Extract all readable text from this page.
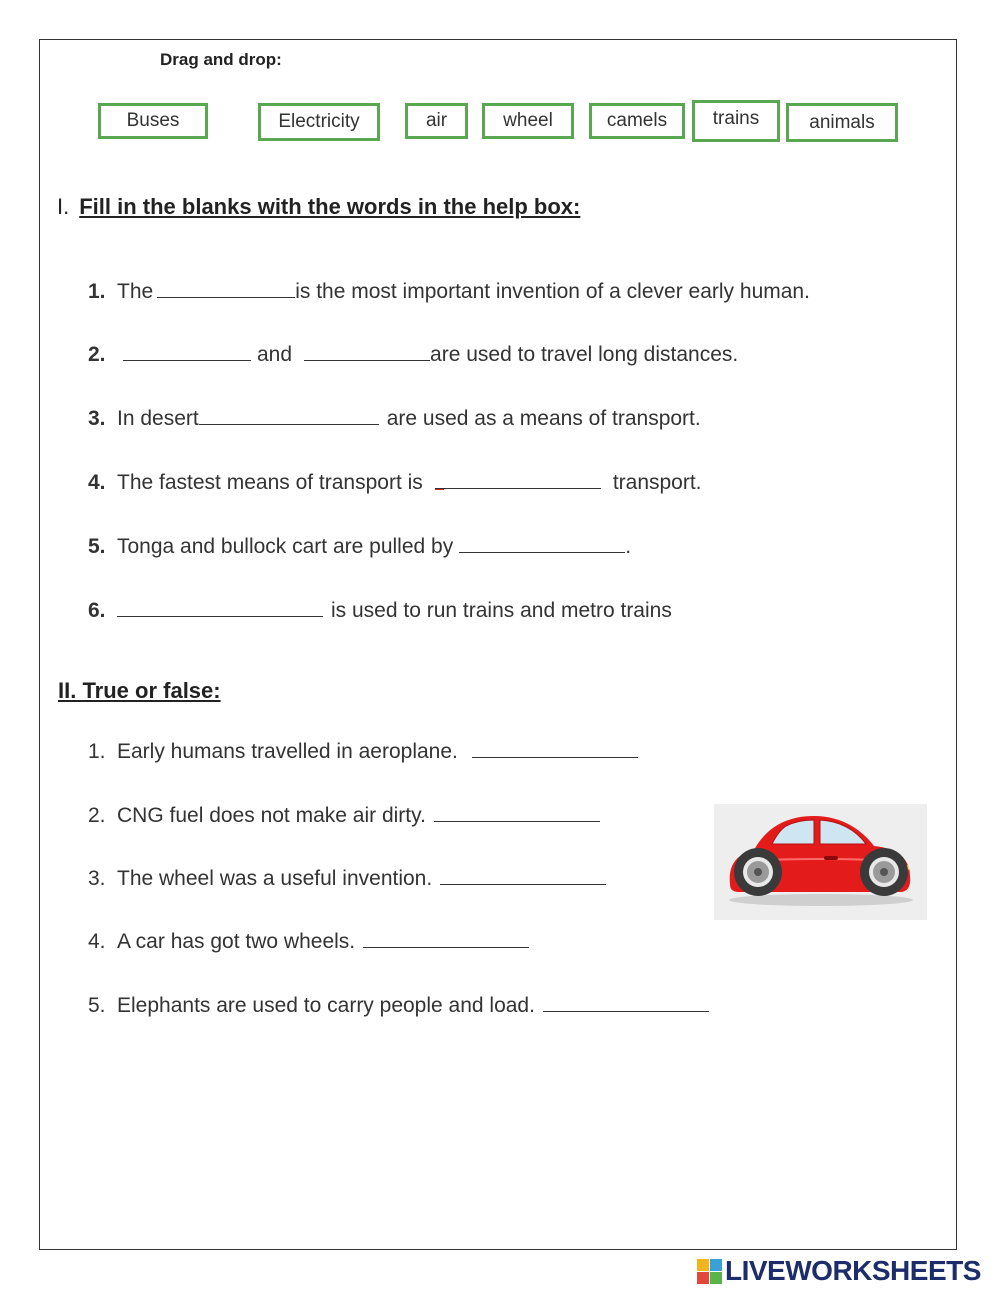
Drag and drop:
Buses	Electricity	air	wheel	camels	trains	animals
I. Fill in the blanks with the words in the help box:
1. The	is the most important invention of a clever early human.
2.	and	are used to travel long distances.
3. In desert	are used as a means of transport.
4. The fastest means of transport is	transport.
5. Tonga and bullock cart are pulled by	.
6.	is used to run trains and metro trains
II. True or false:
1. Early humans travelled in aeroplane.
2. CNG fuel does not make air dirty.
3. The wheel was a useful invention.
4. A car has got two wheels.
5. Elephants are used to carry people and load.
LIVEWORKSHEETS
